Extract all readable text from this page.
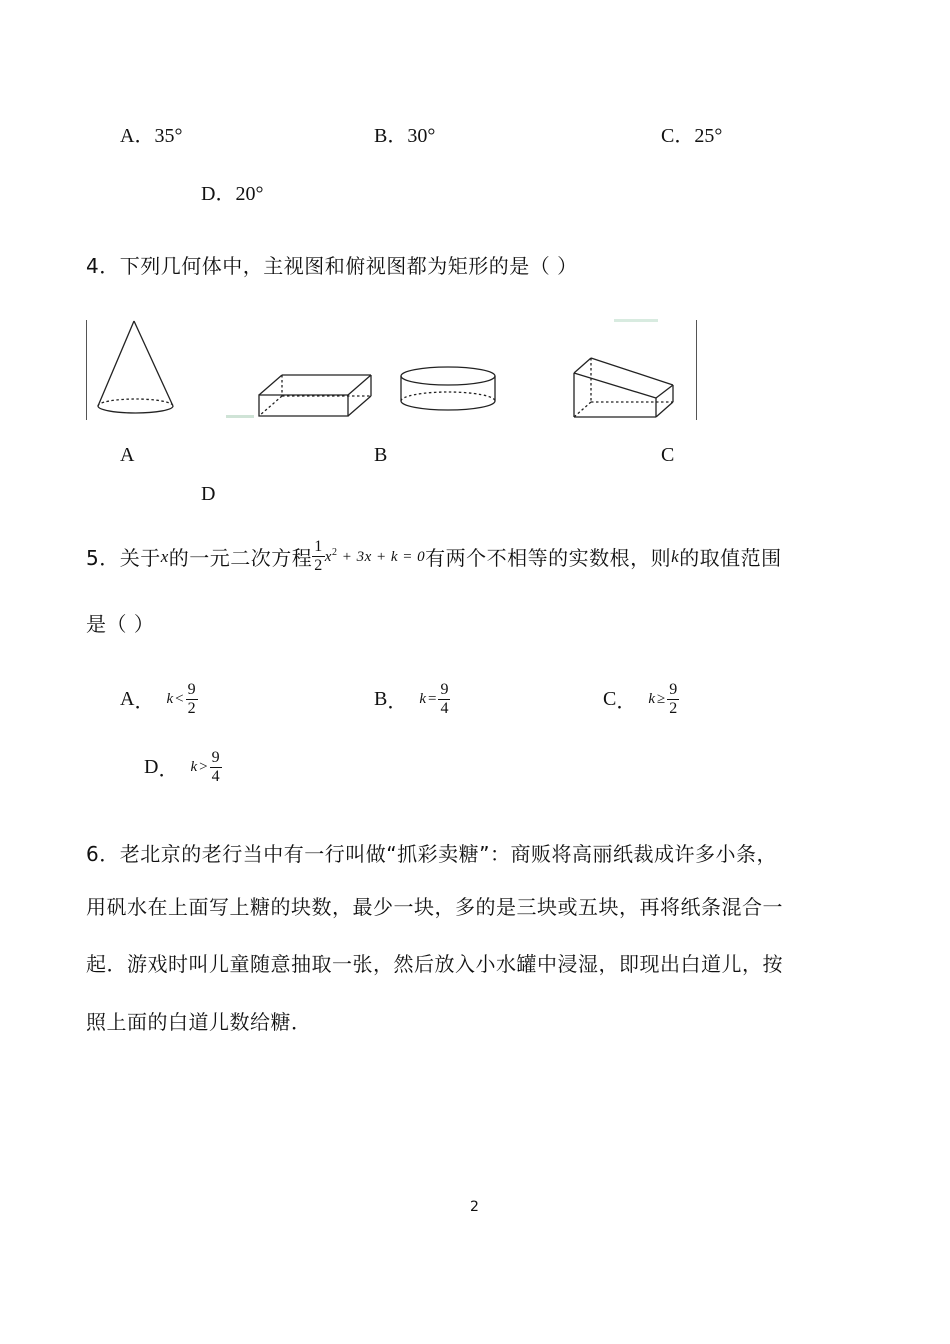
A．35°	B．30°	C．25°
D．20°
4．下列几何体中，主视图和俯视图都为矩形的是（ ）
A	B	C
D
5．关于 x 的一元二次方程 $\frac{1}{2} x^2 + 3x + k = 0$ 有两个不相等的实数根，则 k 的取值范围
是（ ）
A ． $k < \frac{9}{2}$	B ． $k = \frac{9}{4}$	C ． $k \ge \frac{9}{2}$
D ． $k > \frac{9}{4}$
6．老北京的老行当中有一行叫做“抓彩卖糖”：商贩将高丽纸裁成许多小条，
用矾水在上面写上糖的块数，最少一块，多的是三块或五块，再将纸条混合一
起．游戏时叫儿童随意抽取一张，然后放入小水罐中浸湿，即现出白道儿，按
照上面的白道儿数给糖．
2
